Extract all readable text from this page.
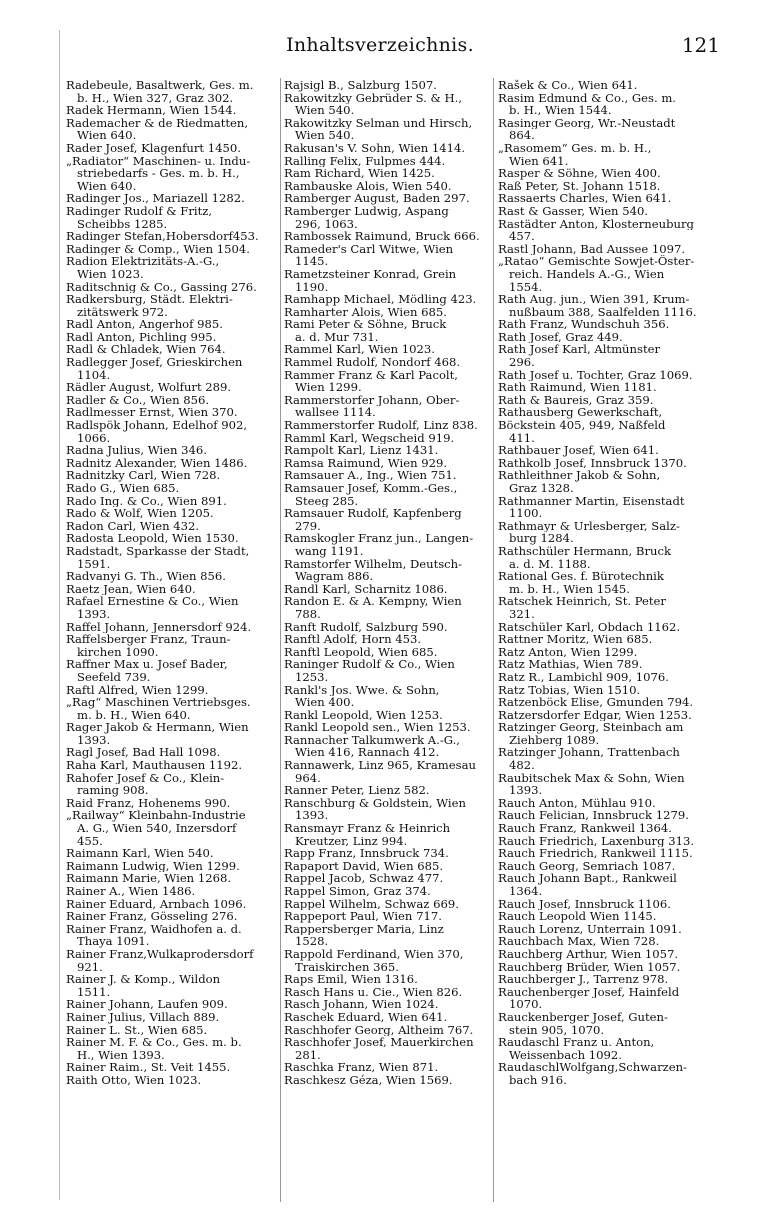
Inhaltsverzeichnis.	121
Radebeule, Basaltwerk, Ges. m.
b. H., Wien 327, Graz 302.
Radek Hermann, Wien 1544.
Rademacher & de Riedmatten,
Wien 640.
Rader Josef, Klagenfurt 1450.
„Radiator“ Maschinen- u. Indu-
striebedarfs - Ges. m. b. H.,
Wien 640.
Radinger Jos., Mariazell 1282.
Radinger Rudolf & Fritz,
Scheibbs 1285.
Radinger Stefan,Hobersdorf453.
Radinger & Comp., Wien 1504.
Radion Elektrizitäts-A.-G.,
Wien 1023.
Raditschnig & Co., Gassing 276.
Radkersburg, Städt. Elektri-
zitätswerk 972.
Radl Anton, Angerhof 985.
Radl Anton, Pichling 995.
Radl & Chladek, Wien 764.
Radlegger Josef, Grieskirchen
1104.
Rädler August, Wolfurt 289.
Radler & Co., Wien 856.
Radlmesser Ernst, Wien 370.
Radlspök Johann, Edelhof 902,
1066.
Radna Julius, Wien 346.
Radnitz Alexander, Wien 1486.
Radnitzky Carl, Wien 728.
Rado G., Wien 685.
Rado Ing. & Co., Wien 891.
Rado & Wolf, Wien 1205.
Radon Carl, Wien 432.
Radosta Leopold, Wien 1530.
Radstadt, Sparkasse der Stadt,
1591.
Radvanyi G. Th., Wien 856.
Raetz Jean, Wien 640.
Rafael Ernestine & Co., Wien
1393.
Raffel Johann, Jennersdorf 924.
Raffelsberger Franz, Traun-
kirchen 1090.
Raffner Max u. Josef Bader,
Seefeld 739.
Raftl Alfred, Wien 1299.
„Rag“ Maschinen Vertriebsges.
m. b. H., Wien 640.
Rager Jakob & Hermann, Wien
1393.
Ragl Josef, Bad Hall 1098.
Raha Karl, Mauthausen 1192.
Rahofer Josef & Co., Klein-
raming 908.
Raid Franz, Hohenems 990.
„Railway“ Kleinbahn-Industrie
A. G., Wien 540, Inzersdorf
455.
Raimann Karl, Wien 540.
Raimann Ludwig, Wien 1299.
Raimann Marie, Wien 1268.
Rainer A., Wien 1486.
Rainer Eduard, Arnbach 1096.
Rainer Franz, Gösseling 276.
Rainer Franz, Waidhofen a. d.
Thaya 1091.
Rainer Franz,Wulkaprodersdorf
921.
Rainer J. & Komp., Wildon
1511.
Rainer Johann, Laufen 909.
Rainer Julius, Villach 889.
Rainer L. St., Wien 685.
Rainer M. F. & Co., Ges. m. b.
H., Wien 1393.
Rainer Raim., St. Veit 1455.
Raith Otto, Wien 1023.
Rajsigl B., Salzburg 1507.
Rakowitzky Gebrüder S. & H.,
Wien 540.
Rakowitzky Selman und Hirsch,
Wien 540.
Rakusan's V. Sohn, Wien 1414.
Ralling Felix, Fulpmes 444.
Ram Richard, Wien 1425.
Rambauske Alois, Wien 540.
Ramberger August, Baden 297.
Ramberger Ludwig, Aspang
296, 1063.
Rambossek Raimund, Bruck 666.
Rameder's Carl Witwe, Wien
1145.
Rametzsteiner Konrad, Grein
1190.
Ramhapp Michael, Mödling 423.
Ramharter Alois, Wien 685.
Rami Peter & Söhne, Bruck
a. d. Mur 731.
Rammel Karl, Wien 1023.
Rammel Rudolf, Nondorf 468.
Rammer Franz & Karl Pacolt,
Wien 1299.
Rammerstorfer Johann, Ober-
wallsee 1114.
Rammerstorfer Rudolf, Linz 838.
Ramml Karl, Wegscheid 919.
Rampolt Karl, Lienz 1431.
Ramsa Raimund, Wien 929.
Ramsauer A., Ing., Wien 751.
Ramsauer Josef, Komm.-Ges.,
Steeg 285.
Ramsauer Rudolf, Kapfenberg
279.
Ramskogler Franz jun., Langen-
wang 1191.
Ramstorfer Wilhelm, Deutsch-
Wagram 886.
Randl Karl, Scharnitz 1086.
Randon E. & A. Kempny, Wien
788.
Ranft Rudolf, Salzburg 590.
Ranftl Adolf, Horn 453.
Ranftl Leopold, Wien 685.
Raninger Rudolf & Co., Wien
1253.
Rankl's Jos. Wwe. & Sohn,
Wien 400.
Rankl Leopold, Wien 1253.
Rankl Leopold sen., Wien 1253.
Rannacher Talkumwerk A.-G.,
Wien 416, Rannach 412.
Rannawerk, Linz 965, Kramesau
964.
Ranner Peter, Lienz 582.
Ranschburg & Goldstein, Wien
1393.
Ransmayr Franz & Heinrich
Kreutzer, Linz 994.
Rapp Franz, Innsbruck 734.
Rapaport David, Wien 685.
Rappel Jacob, Schwaz 477.
Rappel Simon, Graz 374.
Rappel Wilhelm, Schwaz 669.
Rappeport Paul, Wien 717.
Rappersberger Maria, Linz
1528.
Rappold Ferdinand, Wien 370,
Traiskirchen 365.
Raps Emil, Wien 1316.
Rasch Hans u. Cie., Wien 826.
Rasch Johann, Wien 1024.
Raschek Eduard, Wien 641.
Raschhofer Georg, Altheim 767.
Raschhofer Josef, Mauerkirchen
281.
Raschka Franz, Wien 871.
Raschkesz Géza, Wien 1569.
Rašek & Co., Wien 641.
Rasim Edmund & Co., Ges. m.
b. H., Wien 1544.
Rasinger Georg, Wr.-Neustadt
864.
„Rasomem“ Ges. m. b. H.,
Wien 641.
Rasper & Söhne, Wien 400.
Raß Peter, St. Johann 1518.
Rassaerts Charles, Wien 641.
Rast & Gasser, Wien 540.
Rastädter Anton, Klosterneuburg
457.
Rastl Johann, Bad Aussee 1097.
„Ratao“ Gemischte Sowjet-Öster-
reich. Handels A.-G., Wien
1554.
Rath Aug. jun., Wien 391, Krum-
nußbaum 388, Saalfelden 1116.
Rath Franz, Wundschuh 356.
Rath Josef, Graz 449.
Rath Josef Karl, Altmünster
296.
Rath Josef u. Tochter, Graz 1069.
Rath Raimund, Wien 1181.
Rath & Baureis, Graz 359.
Rathausberg Gewerkschaft,
Böckstein 405, 949, Naßfeld
411.
Rathbauer Josef, Wien 641.
Rathkolb Josef, Innsbruck 1370.
Rathleithner Jakob & Sohn,
Graz 1328.
Rathmanner Martin, Eisenstadt
1100.
Rathmayr & Urlesberger, Salz-
burg 1284.
Rathschüler Hermann, Bruck
a. d. M. 1188.
Rational Ges. f. Bürotechnik
m. b. H., Wien 1545.
Ratschek Heinrich, St. Peter
321.
Ratschüler Karl, Obdach 1162.
Rattner Moritz, Wien 685.
Ratz Anton, Wien 1299.
Ratz Mathias, Wien 789.
Ratz R., Lambichl 909, 1076.
Ratz Tobias, Wien 1510.
Ratzenböck Elise, Gmunden 794.
Ratzersdorfer Edgar, Wien 1253.
Ratzinger Georg, Steinbach am
Ziehberg 1089.
Ratzinger Johann, Trattenbach
482.
Raubitschek Max & Sohn, Wien
1393.
Rauch Anton, Mühlau 910.
Rauch Felician, Innsbruck 1279.
Rauch Franz, Rankweil 1364.
Rauch Friedrich, Laxenburg 313.
Rauch Friedrich, Rankweil 1115.
Rauch Georg, Semriach 1087.
Rauch Johann Bapt., Rankweil
1364.
Rauch Josef, Innsbruck 1106.
Rauch Leopold Wien 1145.
Rauch Lorenz, Unterrain 1091.
Rauchbach Max, Wien 728.
Rauchberg Arthur, Wien 1057.
Rauchberg Brüder, Wien 1057.
Rauchberger J., Tarrenz 978.
Rauchenberger Josef, Hainfeld
1070.
Rauckenberger Josef, Guten-
stein 905, 1070.
Raudaschl Franz u. Anton,
Weissenbach 1092.
RaudaschlWolfgang,Schwarzen-
bach 916.
